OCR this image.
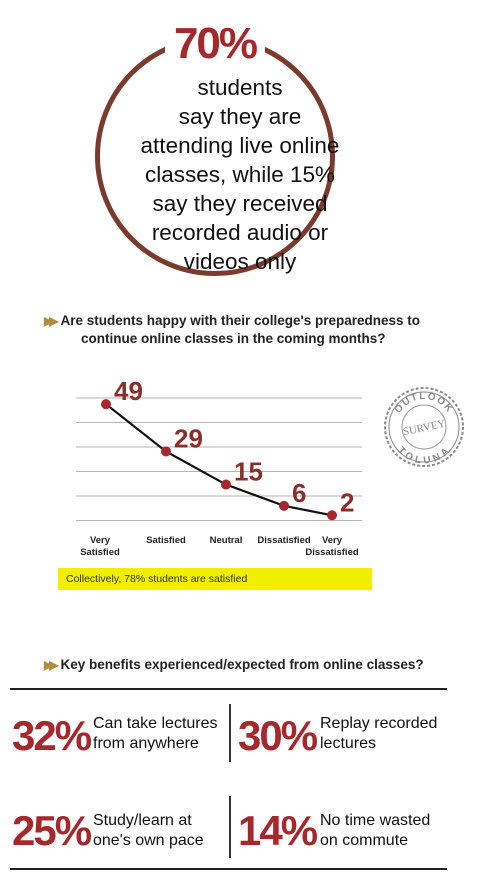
70%
students
say they are
attending live online
classes, while 15%
say they received
recorded audio or
videos only
▶▶ Are students happy with their college's preparedness to
continue online classes in the coming months?
49
29
15
6 2
Very Satisfied
Satisfied	Neutral Dissatisfied	Very Dissatisfied
OUTLOOK
SURVEY
TOLUNA
Collectively, 78% students are satisfied
▶▶ Key benefits experienced/expected from online classes?
32% Can take lectures
from anywhere 30% Replay recorded
lectures
25% Study/learn at
one's own pace 14% No time wasted
on commute
